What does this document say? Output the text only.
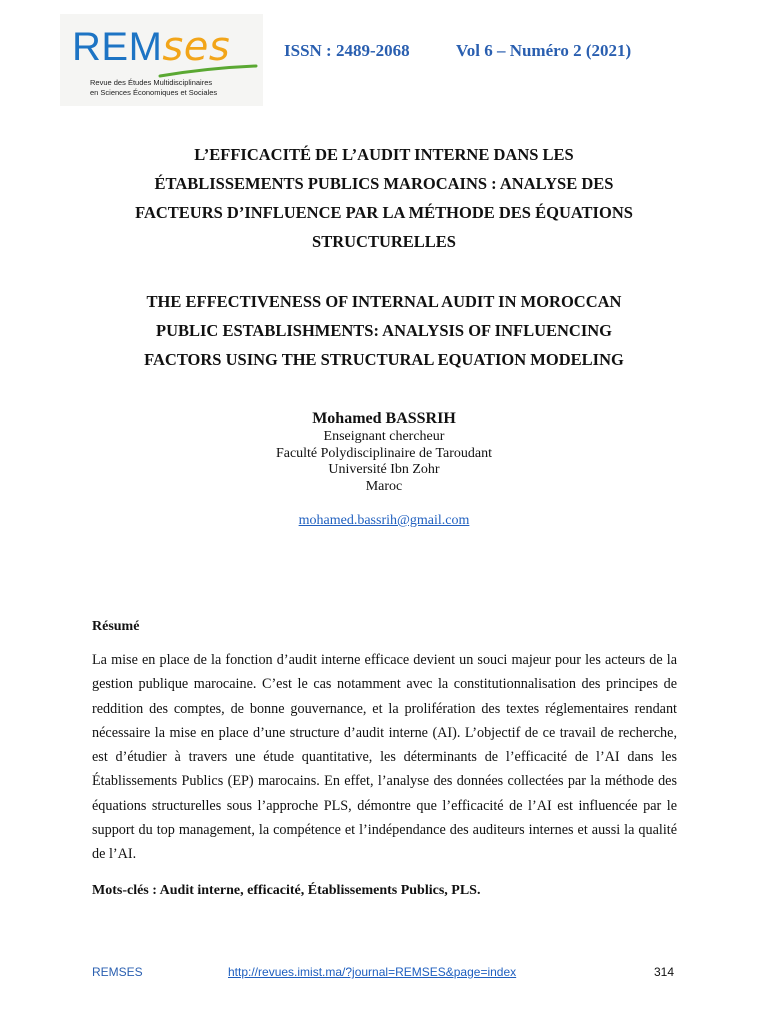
REMses
Revue des Études Multidisciplinaires
en Sciences Économiques et Sociales
ISSN : 2489-2068	Vol 6 – Numéro 2 (2021)
L’EFFICACITÉ DE L’AUDIT INTERNE DANS LES
ÉTABLISSEMENTS PUBLICS MAROCAINS : ANALYSE DES
FACTEURS D’INFLUENCE PAR LA MÉTHODE DES ÉQUATIONS
STRUCTURELLES
THE EFFECTIVENESS OF INTERNAL AUDIT IN MOROCCAN
PUBLIC ESTABLISHMENTS: ANALYSIS OF INFLUENCING
FACTORS USING THE STRUCTURAL EQUATION MODELING
Mohamed BASSRIH
Enseignant chercheur
Faculté Polydisciplinaire de Taroudant
Université Ibn Zohr
Maroc
mohamed.bassrih@gmail.com
Résumé

La mise en place de la fonction d’audit interne efficace devient un souci majeur pour les acteurs de la gestion publique marocaine. C’est le cas notamment avec la constitutionnalisation des principes de reddition des comptes, de bonne gouvernance, et la prolifération des textes réglementaires rendant nécessaire la mise en place d’une structure d’audit interne (AI). L’objectif de ce travail de recherche, est d’étudier à travers une étude quantitative, les déterminants de l’efficacité de l’AI dans les Établissements Publics (EP) marocains. En effet, l’analyse des données collectées par la méthode des équations structurelles sous l’approche PLS, démontre que l’efficacité de l’AI est influencée par le support du top management, la compétence et l’indépendance des auditeurs internes et aussi la qualité de l’AI.

Mots-clés : Audit interne, efficacité, Établissements Publics, PLS.
REMSES	http://revues.imist.ma/?journal=REMSES&page=index	314
